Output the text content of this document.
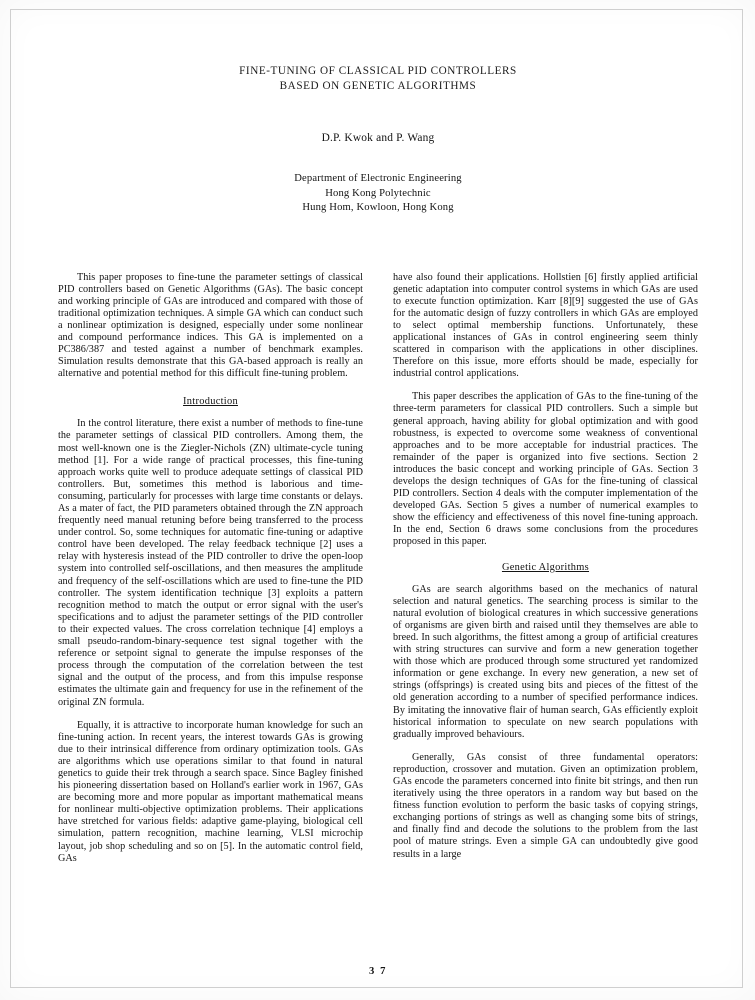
FINE-TUNING OF CLASSICAL PID CONTROLLERS
BASED ON GENETIC ALGORITHMS
D.P. Kwok and P. Wang
Department of Electronic Engineering
Hong Kong Polytechnic
Hung Hom, Kowloon, Hong Kong

This paper proposes to fine-tune the parameter settings of classical PID controllers based on Genetic Algorithms (GAs). The basic concept and working principle of GAs are introduced and compared with those of traditional optimization techniques. A simple GA which can conduct such a nonlinear optimization is designed, especially under some nonlinear and compound performance indices. This GA is implemented on a PC386/387 and tested against a number of benchmark examples. Simulation results demonstrate that this GA-based approach is really an alternative and potential method for this difficult fine-tuning problem.

Introduction

In the control literature, there exist a number of methods to fine-tune the parameter settings of classical PID controllers. Among them, the most well-known one is the Ziegler-Nichols (ZN) ultimate-cycle tuning method [1]. For a wide range of practical processes, this fine-tuning approach works quite well to produce adequate settings of classical PID controllers. But, sometimes this method is laborious and time-consuming, particularly for processes with large time constants or delays. As a mater of fact, the PID parameters obtained through the ZN approach frequently need manual retuning before being transferred to the process under control. So, some techniques for automatic fine-tuning or adaptive control have been developed. The relay feedback technique [2] uses a relay with hysteresis instead of the PID controller to drive the open-loop system into controlled self-oscillations, and then measures the amplitude and frequency of the self-oscillations which are used to fine-tune the PID controller. The system identification technique [3] exploits a pattern recognition method to match the output or error signal with the user's specifications and to adjust the parameter settings of the PID controller to their expected values. The cross correlation technique [4] employs a small pseudo-random-binary-sequence test signal together with the reference or setpoint signal to generate the impulse responses of the process through the computation of the correlation between the test signal and the output of the process, and from this impulse response estimates the ultimate gain and frequency for use in the refinement of the original ZN formula.

Equally, it is attractive to incorporate human knowledge for such an fine-tuning action. In recent years, the interest towards GAs is growing due to their intrinsical difference from ordinary optimization tools. GAs are algorithms which use operations similar to that found in natural genetics to guide their trek through a search space. Since Bagley finished his pioneering dissertation based on Holland's earlier work in 1967, GAs are becoming more and more popular as important mathematical means for nonlinear multi-objective optimization problems. Their applications have stretched for various fields: adaptive game-playing, biological cell simulation, pattern recognition, machine learning, VLSI microchip layout, job shop scheduling and so on [5]. In the automatic control field, GAs

have also found their applications. Hollstien [6] firstly applied artificial genetic adaptation into computer control systems in which GAs are used to execute function optimization. Karr [8][9] suggested the use of GAs for the automatic design of fuzzy controllers in which GAs are employed to select optimal membership functions. Unfortunately, these applicational instances of GAs in control engineering seem thinly scattered in comparison with the applications in other disciplines. Therefore on this issue, more efforts should be made, especially for industrial control applications.

This paper describes the application of GAs to the fine-tuning of the three-term parameters for classical PID controllers. Such a simple but general approach, having ability for global optimization and with good robustness, is expected to overcome some weakness of conventional approaches and to be more acceptable for industrial practices. The remainder of the paper is organized into five sections. Section 2 introduces the basic concept and working principle of GAs. Section 3 develops the design techniques of GAs for the fine-tuning of classical PID controllers. Section 4 deals with the computer implementation of the developed GAs. Section 5 gives a number of numerical examples to show the efficiency and effectiveness of this novel fine-tuning approach. In the end, Section 6 draws some conclusions from the procedures proposed in this paper.

Genetic Algorithms

GAs are search algorithms based on the mechanics of natural selection and natural genetics. The searching process is similar to the natural evolution of biological creatures in which successive generations of organisms are given birth and raised until they themselves are able to breed. In such algorithms, the fittest among a group of artificial creatures with string structures can survive and form a new generation together with those which are produced through some structured yet randomized information or gene exchange. In every new generation, a new set of strings (offsprings) is created using bits and pieces of the fittest of the old generation according to a number of specified performance indices. By imitating the innovative flair of human search, GAs efficiently exploit historical information to speculate on new search populations with gradually improved behaviours.

Generally, GAs consist of three fundamental operators: reproduction, crossover and mutation. Given an optimization problem, GAs encode the parameters concerned into finite bit strings, and then run iteratively using the three operators in a random way but based on the fitness function evolution to perform the basic tasks of copying strings, exchanging portions of strings as well as changing some bits of strings, and finally find and decode the solutions to the problem from the last pool of mature strings. Even a simple GA can undoubtedly give good results in a large

3 7
